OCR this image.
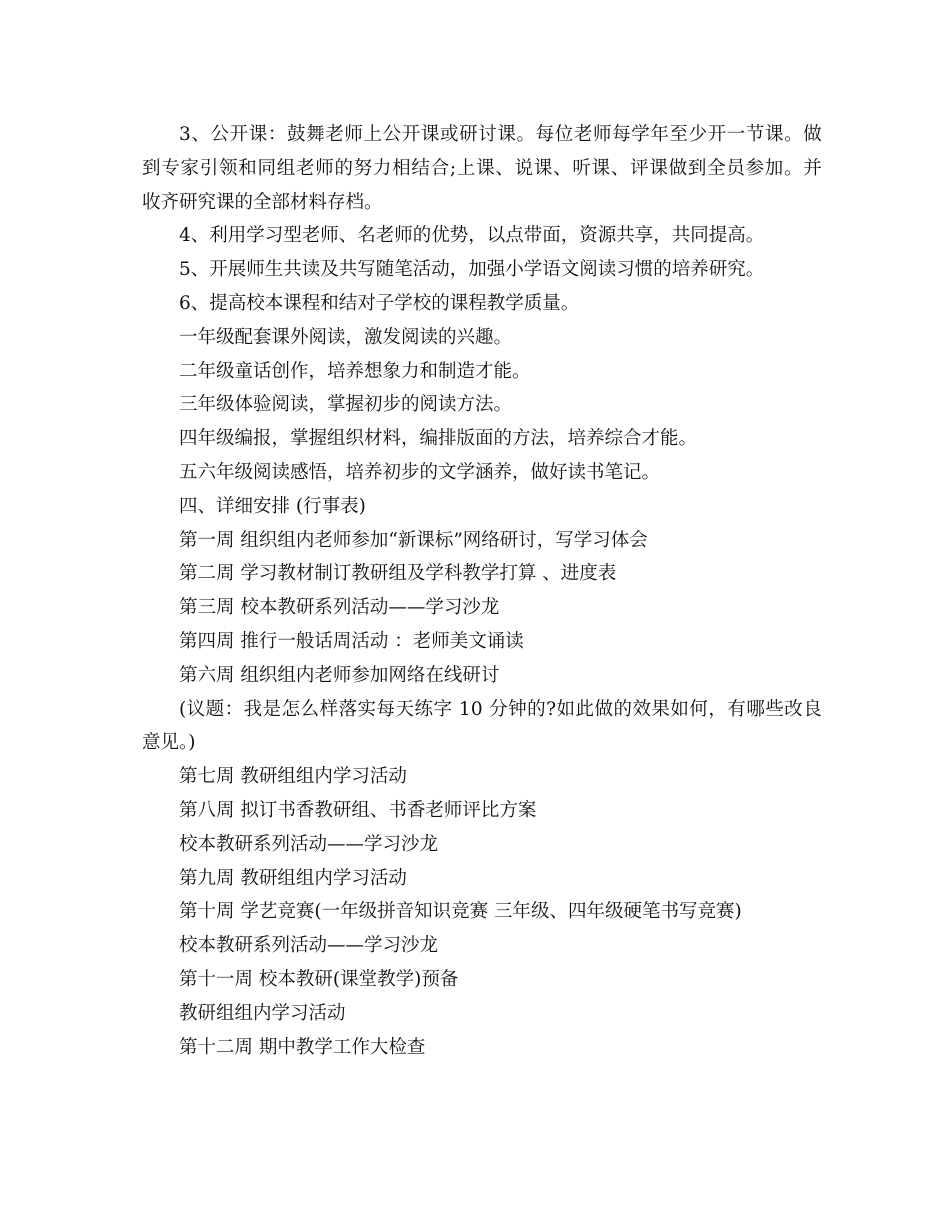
3、公开课：鼓舞老师上公开课或研讨课。每位老师每学年至少开一节课。做
到专家引领和同组老师的努力相结合;上课、说课、听课、评课做到全员参加。并
收齐研究课的全部材料存档。
4、利用学习型老师、名老师的优势，以点带面，资源共享，共同提高。
5、开展师生共读及共写随笔活动，加强小学语文阅读习惯的培养研究。
6、提高校本课程和结对子学校的课程教学质量。
一年级配套课外阅读，激发阅读的兴趣。
二年级童话创作，培养想象力和制造才能。
三年级体验阅读，掌握初步的阅读方法。
四年级编报，掌握组织材料，编排版面的方法，培养综合才能。
五六年级阅读感悟，培养初步的文学涵养，做好读书笔记。
四、详细安排 (行事表)
第一周 组织组内老师参加“新课标”网络研讨，写学习体会
第二周 学习教材制订教研组及学科教学打算 、进度表
第三周 校本教研系列活动——学习沙龙
第四周 推行一般话周活动 ：老师美文诵读
第六周 组织组内老师参加网络在线研讨
(议题：我是怎么样落实每天练字 10 分钟的?如此做的效果如何，有哪些改良
意见。)
第七周 教研组组内学习活动
第八周 拟订书香教研组、书香老师评比方案
校本教研系列活动——学习沙龙
第九周 教研组组内学习活动
第十周 学艺竞赛(一年级拼音知识竞赛 三年级、四年级硬笔书写竞赛)
校本教研系列活动——学习沙龙
第十一周 校本教研(课堂教学)预备
教研组组内学习活动
第十二周 期中教学工作大检查
